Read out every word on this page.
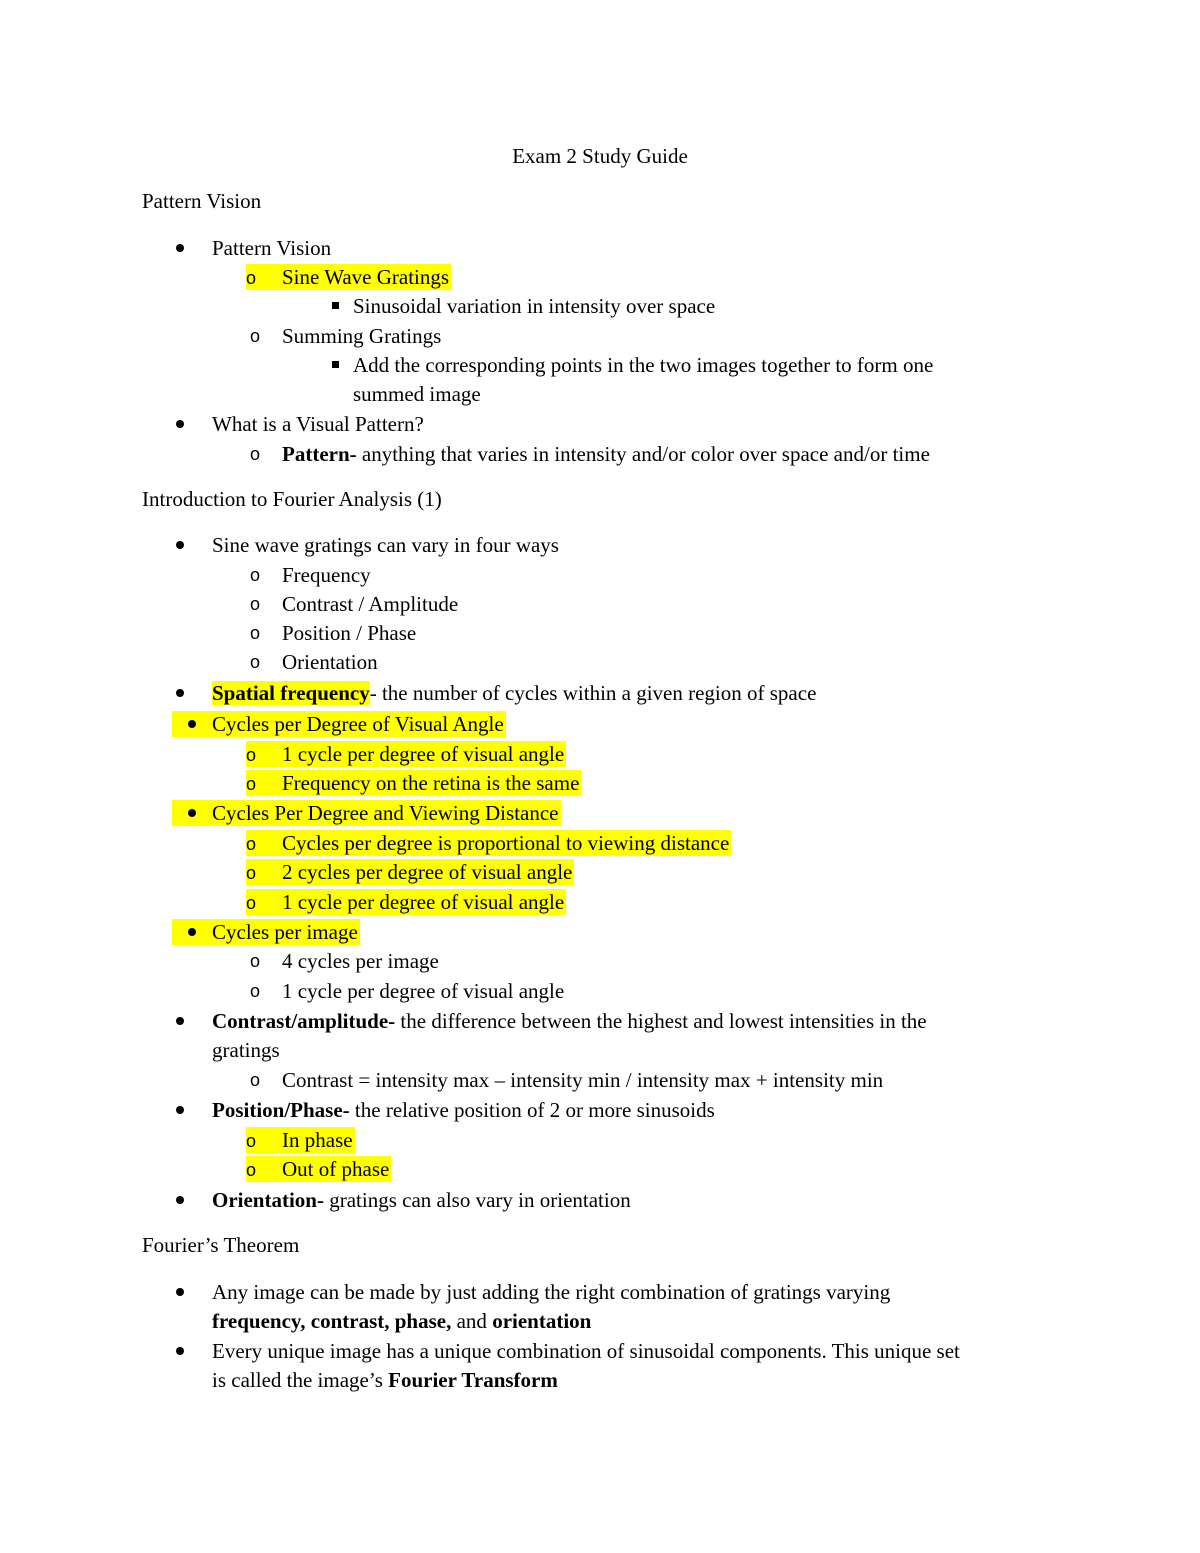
Exam 2 Study Guide
Pattern Vision
Pattern Vision
o Sine Wave Gratings
Sinusoidal variation in intensity over space
o Summing Gratings
Add the corresponding points in the two images together to form one
summed image
What is a Visual Pattern?
o Pattern- anything that varies in intensity and/or color over space and/or time
Introduction to Fourier Analysis (1)
Sine wave gratings can vary in four ways
o Frequency
o Contrast / Amplitude
o Position / Phase
o Orientation
Spatial frequency- the number of cycles within a given region of space
Cycles per Degree of Visual Angle
o 1 cycle per degree of visual angle
o Frequency on the retina is the same
Cycles Per Degree and Viewing Distance
o Cycles per degree is proportional to viewing distance
o 2 cycles per degree of visual angle
o 1 cycle per degree of visual angle
Cycles per image
o 4 cycles per image
o 1 cycle per degree of visual angle
Contrast/amplitude- the difference between the highest and lowest intensities in the
gratings
o Contrast = intensity max – intensity min / intensity max + intensity min
Position/Phase- the relative position of 2 or more sinusoids
o In phase
o Out of phase
Orientation- gratings can also vary in orientation
Fourier’s Theorem
Any image can be made by just adding the right combination of gratings varying
frequency, contrast, phase, and orientation
Every unique image has a unique combination of sinusoidal components. This unique set
is called the image’s Fourier Transform
